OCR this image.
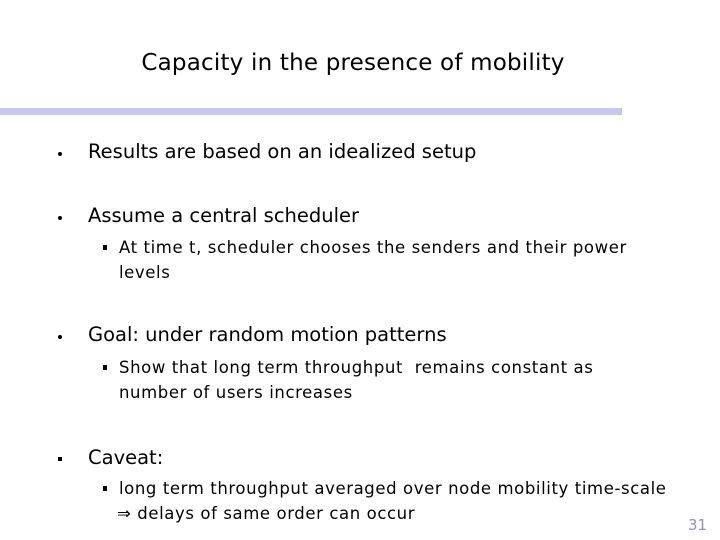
Capacity in the presence of mobility
Results are based on an idealized setup
Assume a central scheduler
At time t, scheduler chooses the senders and their power
levels
Goal: under random motion patterns
Show that long term throughput  remains constant as
number of users increases
Caveat:
long term throughput averaged over node mobility time-scale
⇒ delays of same order can occur
31
